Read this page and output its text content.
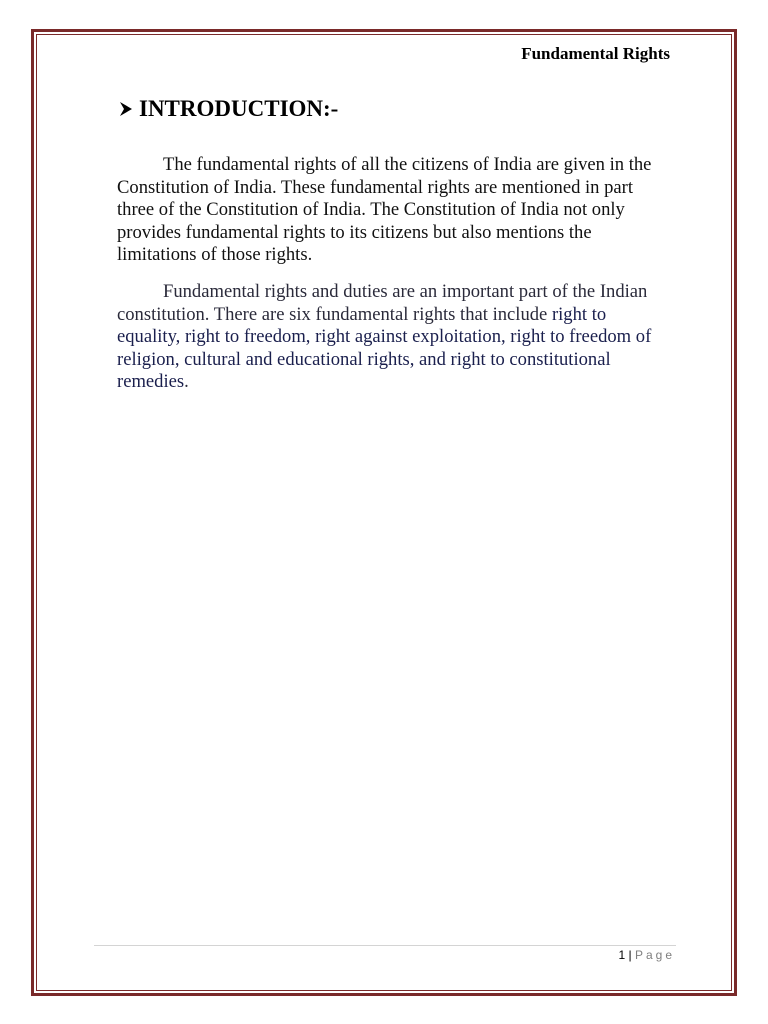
Fundamental Rights
INTRODUCTION:-

The fundamental rights of all the citizens of India are given in the Constitution of India. These fundamental rights are mentioned in part three of the Constitution of India. The Constitution of India not only provides fundamental rights to its citizens but also mentions the limitations of those rights.

Fundamental rights and duties are an important part of the Indian constitution. There are six fundamental rights that include right to equality, right to freedom, right against exploitation, right to freedom of religion, cultural and educational rights, and right to constitutional remedies.

1 | Page
